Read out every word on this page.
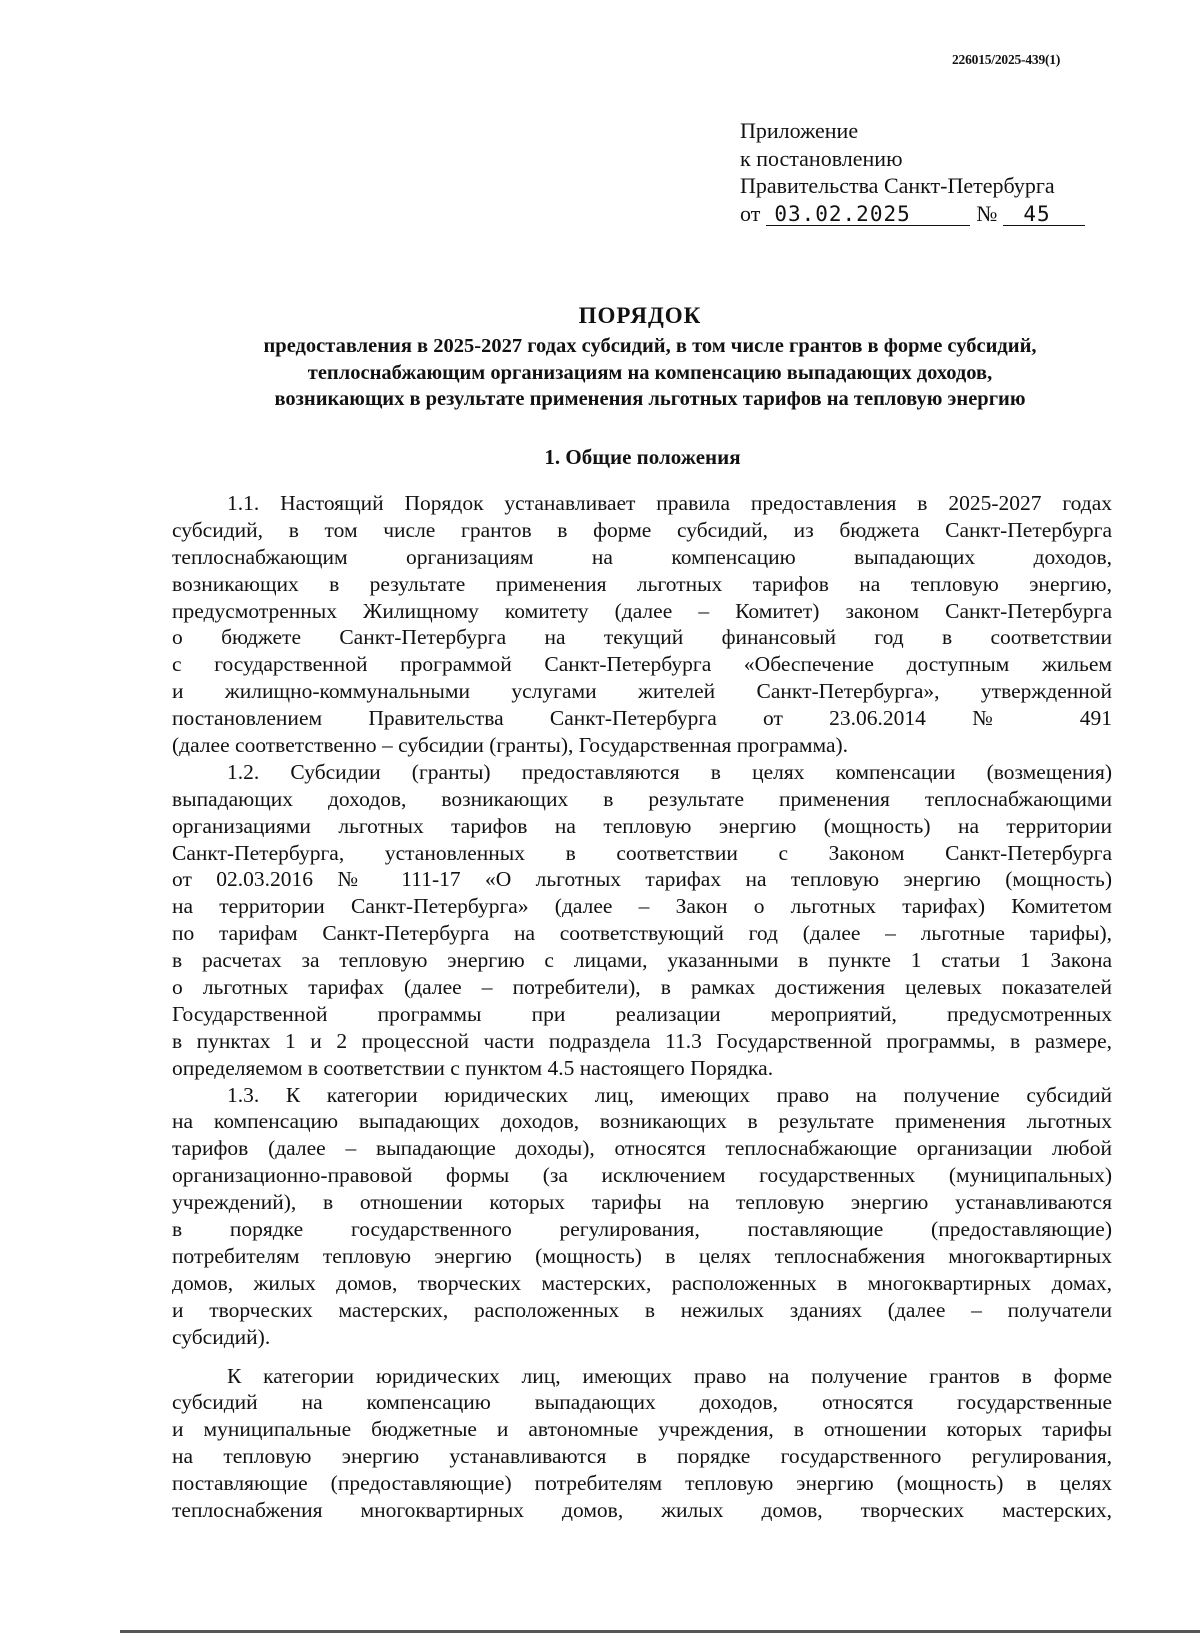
226015/2025-439(1)
Приложение
к постановлению
Правительства Санкт-Петербурга
от 03.02.2025	№	45
ПОРЯДОК
предоставления в 2025-2027 годах субсидий, в том числе грантов в форме субсидий,
теплоснабжающим организациям на компенсацию выпадающих доходов,
возникающих в результате применения льготных тарифов на тепловую энергию
1. Общие положения
1.1. Настоящий Порядок устанавливает правила предоставления в 2025-2027 годах
субсидий, в том числе грантов в форме субсидий, из бюджета Санкт-Петербурга
теплоснабжающим организациям на компенсацию выпадающих доходов,
возникающих в результате применения льготных тарифов на тепловую энергию,
предусмотренных Жилищному комитету (далее – Комитет) законом Санкт-Петербурга
о бюджете Санкт-Петербурга на текущий финансовый год в соответствии
с государственной программой Санкт-Петербурга «Обеспечение доступным жильем
и жилищно-коммунальными услугами жителей Санкт-Петербурга», утвержденной
постановлением Правительства Санкт-Петербурга от 23.06.2014 № 491
(далее соответственно – субсидии (гранты), Государственная программа).
1.2. Субсидии (гранты) предоставляются в целях компенсации (возмещения)
выпадающих доходов, возникающих в результате применения теплоснабжающими
организациями льготных тарифов на тепловую энергию (мощность) на территории
Санкт-Петербурга, установленных в соответствии с Законом Санкт-Петербурга
от 02.03.2016 № 111-17 «О льготных тарифах на тепловую энергию (мощность)
на территории Санкт-Петербурга» (далее – Закон о льготных тарифах) Комитетом
по тарифам Санкт-Петербурга на соответствующий год (далее – льготные тарифы),
в расчетах за тепловую энергию с лицами, указанными в пункте 1 статьи 1 Закона
о льготных тарифах (далее – потребители), в рамках достижения целевых показателей
Государственной программы при реализации мероприятий, предусмотренных
в пунктах 1 и 2 процессной части подраздела 11.3 Государственной программы, в размере,
определяемом в соответствии с пунктом 4.5 настоящего Порядка.
1.3. К категории юридических лиц, имеющих право на получение субсидий
на компенсацию выпадающих доходов, возникающих в результате применения льготных
тарифов (далее – выпадающие доходы), относятся теплоснабжающие организации любой
организационно-правовой формы (за исключением государственных (муниципальных)
учреждений), в отношении которых тарифы на тепловую энергию устанавливаются
в порядке государственного регулирования, поставляющие (предоставляющие)
потребителям тепловую энергию (мощность) в целях теплоснабжения многоквартирных
домов, жилых домов, творческих мастерских, расположенных в многоквартирных домах,
и творческих мастерских, расположенных в нежилых зданиях (далее – получатели
субсидий).
К категории юридических лиц, имеющих право на получение грантов в форме
субсидий на компенсацию выпадающих доходов, относятся государственные
и муниципальные бюджетные и автономные учреждения, в отношении которых тарифы
на тепловую энергию устанавливаются в порядке государственного регулирования,
поставляющие (предоставляющие) потребителям тепловую энергию (мощность) в целях
теплоснабжения многоквартирных домов, жилых домов, творческих мастерских,
